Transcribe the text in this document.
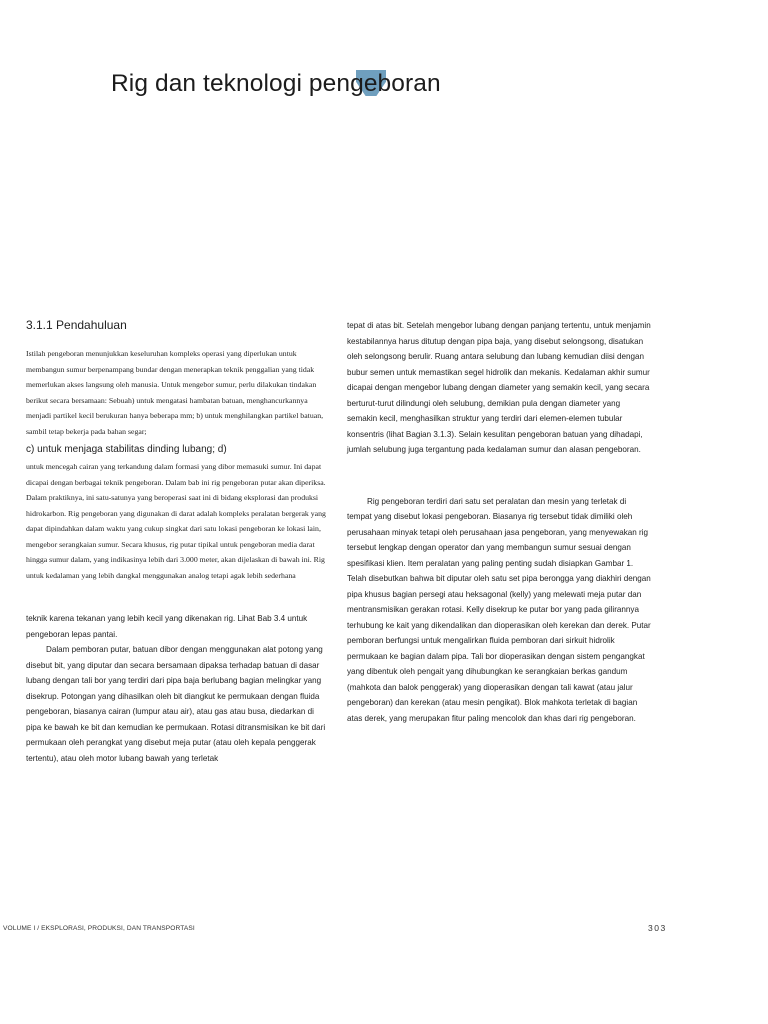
Rig dan teknologi pengeboran
3.1.1 Pendahuluan

Istilah pengeboran menunjukkan keseluruhan kompleks operasi yang diperlukan untuk membangun sumur berpenampang bundar dengan menerapkan teknik penggalian yang tidak memerlukan akses langsung oleh manusia. Untuk mengebor sumur, perlu dilakukan tindakan berikut secara bersamaan: Sebuah) untuk mengatasi hambatan batuan, menghancurkannya menjadi partikel kecil berukuran hanya beberapa mm; b) untuk menghilangkan partikel batuan, sambil tetap bekerja pada bahan segar;

c) untuk menjaga stabilitas dinding lubang; d)

untuk mencegah cairan yang terkandung dalam formasi yang dibor memasuki sumur. Ini dapat dicapai dengan berbagai teknik pengeboran. Dalam bab ini rig pengeboran putar akan diperiksa. Dalam praktiknya, ini satu-satunya yang beroperasi saat ini di bidang eksplorasi dan produksi hidrokarbon. Rig pengeboran yang digunakan di darat adalah kompleks peralatan bergerak yang dapat dipindahkan dalam waktu yang cukup singkat dari satu lokasi pengeboran ke lokasi lain, mengebor serangkaian sumur. Secara khusus, rig putar tipikal untuk pengeboran media darat hingga sumur dalam, yang indikasinya lebih dari 3.000 meter, akan dijelaskan di bawah ini. Rig untuk kedalaman yang lebih dangkal menggunakan analog tetapi agak lebih sederhana

teknik karena tekanan yang lebih kecil yang dikenakan rig. Lihat Bab 3.4 untuk pengeboran lepas pantai.

Dalam pemboran putar, batuan dibor dengan menggunakan alat potong yang disebut bit, yang diputar dan secara bersamaan dipaksa terhadap batuan di dasar lubang dengan tali bor yang terdiri dari pipa baja berlubang bagian melingkar yang disekrup. Potongan yang dihasilkan oleh bit diangkut ke permukaan dengan fluida pengeboran, biasanya cairan (lumpur atau air), atau gas atau busa, diedarkan di pipa ke bawah ke bit dan kemudian ke permukaan. Rotasi ditransmisikan ke bit dari permukaan oleh perangkat yang disebut meja putar (atau oleh kepala penggerak tertentu), atau oleh motor lubang bawah yang terletak

tepat di atas bit. Setelah mengebor lubang dengan panjang tertentu, untuk menjamin kestabilannya harus ditutup dengan pipa baja, yang disebut selongsong, disatukan oleh selongsong berulir. Ruang antara selubung dan lubang kemudian diisi dengan bubur semen untuk memastikan segel hidrolik dan mekanis. Kedalaman akhir sumur dicapai dengan mengebor lubang dengan diameter yang semakin kecil, yang secara berturut-turut dilindungi oleh selubung, demikian pula dengan diameter yang semakin kecil, menghasilkan struktur yang terdiri dari elemen-elemen tubular konsentris (lihat Bagian 3.1.3). Selain kesulitan pengeboran batuan yang dihadapi, jumlah selubung juga tergantung pada kedalaman sumur dan alasan pengeboran.

Rig pengeboran terdiri dari satu set peralatan dan mesin yang terletak di tempat yang disebut lokasi pengeboran. Biasanya rig tersebut tidak dimiliki oleh perusahaan minyak tetapi oleh perusahaan jasa pengeboran, yang menyewakan rig tersebut lengkap dengan operator dan yang membangun sumur sesuai dengan spesifikasi klien. Item peralatan yang paling penting sudah disiapkan Gambar 1. Telah disebutkan bahwa bit diputar oleh satu set pipa berongga yang diakhiri dengan pipa khusus bagian persegi atau heksagonal (kelly) yang melewati meja putar dan mentransmisikan gerakan rotasi. Kelly disekrup ke putar bor yang pada gilirannya terhubung ke kait yang dikendalikan dan dioperasikan oleh kerekan dan derek. Putar pemboran berfungsi untuk mengalirkan fluida pemboran dari sirkuit hidrolik permukaan ke bagian dalam pipa. Tali bor dioperasikan dengan sistem pengangkat yang dibentuk oleh pengait yang dihubungkan ke serangkaian berkas gandum (mahkota dan balok penggerak) yang dioperasikan dengan tali kawat (atau jalur pengeboran) dan kerekan (atau mesin pengikat). Blok mahkota terletak di bagian atas derek, yang merupakan fitur paling mencolok dan khas dari rig pengeboran.

VOLUME I / EKSPLORASI, PRODUKSI, DAN TRANSPORTASI	303
